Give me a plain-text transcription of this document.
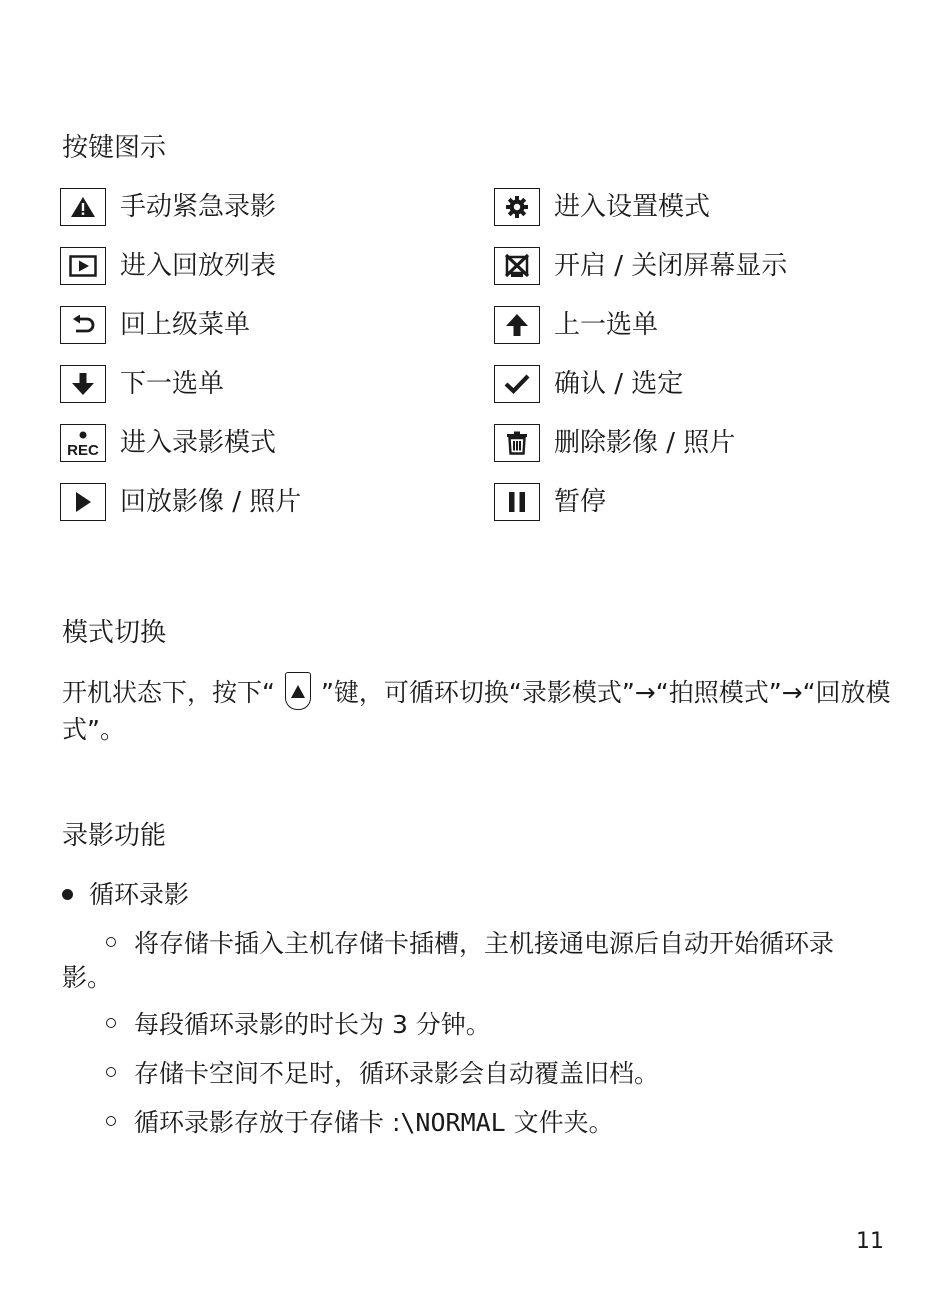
按键图示
手动紧急录影
进入回放列表
回上级菜单
下一选单
REC 进入录影模式
回放影像 / 照片
进入设置模式
开启 / 关闭屏幕显示
上一选单
确认 / 选定
删除影像 / 照片
暂停
模式切换

开机状态下，按下“ ”键，可循环切换“录影模式”→“拍照模式”→“回放模式”。

录影功能
循环录影

将存储卡插入主机存储卡插槽，主机接通电源后自动开始循环录影。

每段循环录影的时长为 3 分钟。
存储卡空间不足时，循环录影会自动覆盖旧档。
循环录影存放于存储卡 :\NORMAL 文件夹。
11
